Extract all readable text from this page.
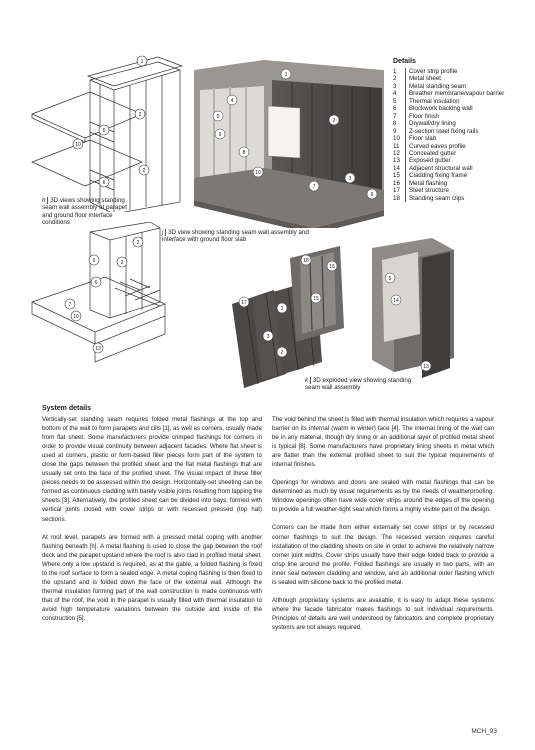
1
6
10
2
2
6
h 3D views showing standing seam wall assembly at parapet and ground floor interface conditions
2
2
6
6
7
10
13
1
4
5
9
8
10
7
2
3
6
j 3D view showing standing seam wall assembly and interface with ground floor slab
Details
1	Cover strip profile
2	Metal sheet
3	Metal standing seam
4	Breather membrane/vapour barrier
5	Thermal insulation
6	Blockwork backing wall
7	Floor finish
8	Drywall/dry lining
9	Z-section steel fixing rails
10	Floor slab
11	Curved eaves profile
12	Concealed gutter
13	Exposed gutter
14	Adjacent structural wall
15	Cladding fixing frame
16	Metal flashing
17	Steel structure
18	Standing seam clips
17
2
3
2
18
16
15
5
14
13
k 3D exploded view showing standing seam wall assembly
System details

Vertically-set standing seam requires folded metal flashings at the top and bottom of the wall to form parapets and cills [1], as well as corners, usually made from flat sheet. Some manufacturers provide crimped flashings for corners in order to provide visual continuity between adjacent facades. Where flat sheet is used at corners, plastic or form-based filler pieces form part of the system to close the gaps between the profiled sheet and the flat metal flashings that are usually set onto the face of the profiled sheet. The visual impact of these filler pieces needs to be assessed within the design. Horizontally-set sheeting can be formed as continuous cladding with barely visible joints resulting from lapping the sheets [3]. Alternatively, the profiled sheet can be divided into bays, formed with vertical joints closed with cover strips or with recessed pressed (top hat) sections.

At roof level, parapets are formed with a pressed metal coping with another flashing beneath [h]. A metal flashing is used to close the gap between the roof deck and the parapet upstand where the roof is also clad in profiled metal sheet. Where only a low upstand is required, as at the gable, a folded flashing is fixed to the roof surface to form a sealed edge. A metal coping flashing is then fixed to the upstand and is folded down the face of the external wall. Although the thermal insulation forming part of the wall construction is made continuous with that of the roof, the void in the parapet is usually filled with thermal insulation to avoid high temperature variations between the outside and inside of the construction [5].

The void behind the sheet is filled with thermal insulation which requires a vapour barrier on its internal (warm in winter) face [4]. The internal lining of the wall can be in any material, though dry lining or an additional layer of profiled metal sheet is typical [8]. Some manufacturers have proprietary lining sheets in metal which are flatter than the external profiled sheet to suit the typical requirements of internal finishes.

Openings for windows and doors are sealed with metal flashings that can be determined as much by visual requirements as by the needs of weatherproofing. Window openings often have wide cover strips around the edges of the opening to provide a full weather-tight seal which forms a highly visible part of the design.

Corners can be made from either externally set cover strips or by recessed corner flashings to suit the design. The recessed version requires careful installation of the cladding sheets on site in order to achieve the relatively narrow corner joint widths. Cover strips usually have their edge folded back to provide a crisp line around the profile. Folded flashings are usually in two parts, with an inner seal between cladding and window, and an additional outer flashing which is sealed with silicone back to the profiled metal.

Although proprietary systems are available, it is easy to adapt these systems where the facade fabricator makes flashings to suit individual requirements. Principles of details are well understood by fabricators and complete proprietary systems are not always required.

MCH_93
